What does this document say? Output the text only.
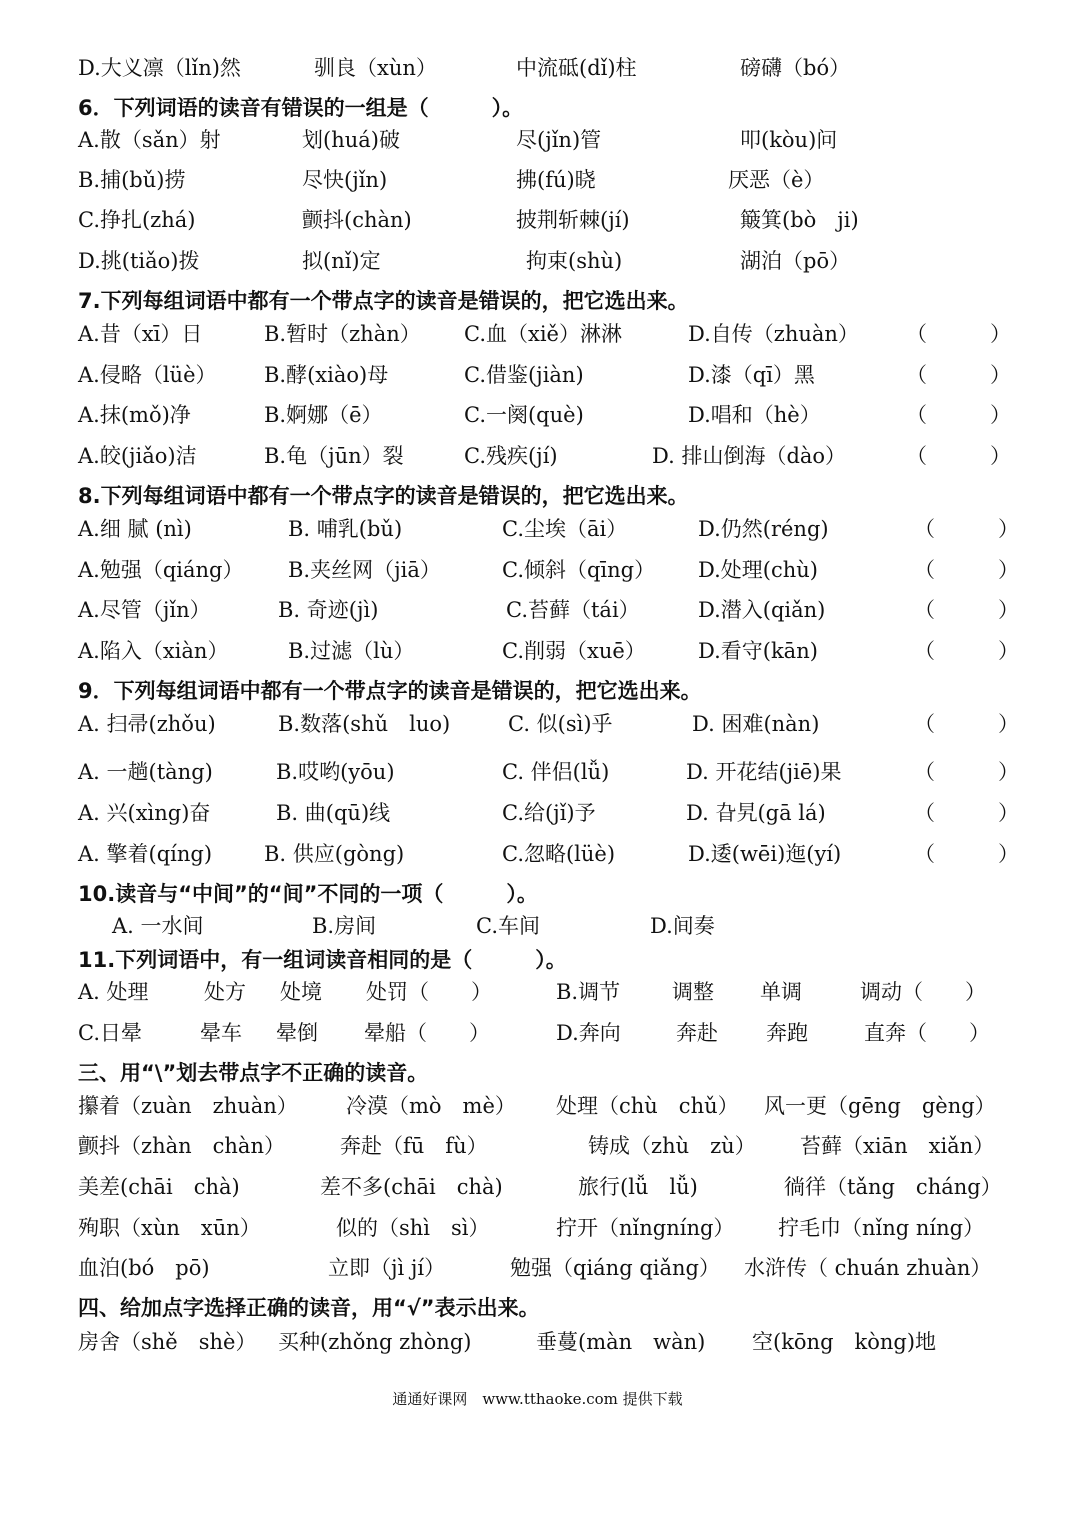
D.大义凛（lǐn)然	驯良（xùn）	中流砥(dǐ)柱	磅礴（bó）
6．下列词语的读音有错误的一组是（　　　）。
A.散（sǎn）射	划(huá)破	尽(jǐn)管	叩(kòu)问
B.捕(bǔ)捞	尽快(jǐn)	拂(fú)晓	厌恶（è）
C.挣扎(zhá)	颤抖(chàn)	披荆斩棘(jí)	簸箕(bò　ji)
D.挑(tiǎo)拨	拟(nǐ)定	拘束(shù)	湖泊（pō）
7.下列每组词语中都有一个带点字的读音是错误的，把它选出来。
A.昔（xī）日	B.暂时（zhàn） C.血（xiě）淋淋	D.自传（zhuàn） （　　　）
A.侵略（lüè） B.酵(xiào)母	C.借鉴(jiàn)	D.漆（qī）黑	（　　　）
A.抹(mǒ)净	B.婀娜（ē）	C.一阕(què)	D.唱和（hè）	（　　　）
A.皎(jiǎo)洁	B.龟（jūn）裂	C.残疾(jí)	D. 排山倒海（dào）	（　　　）
8.下列每组词语中都有一个带点字的读音是错误的，把它选出来。
A.细 腻 (nì)	B. 哺乳(bǔ)	C.尘埃（āi）	D.仍然(réng)	（　　　）
A.勉强（qiáng） B.夹丝网（jiā）	C.倾斜（qīng） D.处理(chù)	（　　　）
A.尽管（jǐn）	B. 奇迹(jì)	C.苔藓（tái）	D.潜入(qiǎn)	（　　　）
A.陷入（xiàn）	B.过滤（lù）	C.削弱（xuē） D.看守(kān)	（　　　）
9．下列每组词语中都有一个带点字的读音是错误的，把它选出来。
A. 扫帚(zhǒu)	B.数落(shǔ　luo)	C. 似(sì)乎	D. 困难(nàn)	（　　　）
A. 一趟(tàng)	B.哎哟(yōu)	C. 伴侣(lǚ)	D. 开花结(jiē)果	（　　　）
A. 兴(xìng)奋	B. 曲(qū)线	C.给(jǐ)予	D. 旮旯(gā lá)	（　　　）
A. 擎着(qíng) B. 供应(gòng)	C.忽略(lüè)	D.逶(wēi)迤(yí)	（　　　）
10.读音与“中间”的“间”不同的一项（　　　）。
A. 一水间	B.房间	C.车间	D.间奏
11.下列词语中，有一组词读音相同的是（　　　）。
A. 处理	处方 处境 处罚（　　）	B.调节 调整 单调	调动（　　）
C.日晕	晕车 晕倒 晕船（　　）	D.奔向	奔赴 奔跑	直奔（　　）
三、用“\”划去带点字不正确的读音。
攥着（zuàn　zhuàn） 冷漠（mò　mè） 处理（chù　chǔ） 风一更（gēng　gèng）
颤抖（zhàn　chàn）	奔赴（fū　fù）	铸成（zhù　zù） 苔藓（xiān　xiǎn）
美差(chāi　chà)	差不多(chāi　chà)	旅行(lǚ　lǚ)	徜徉（tǎng　cháng）
殉职（xùn　xūn）	似的（shì　sì）	拧开（nǐngníng） 拧毛巾（nǐng níng）
血泊(bó　pō)	立即（jì jí）	勉强（qiáng qiǎng） 水浒传（ chuán zhuàn）
四、给加点字选择正确的读音，用“√”表示出来。
房舍（shě　shè） 买种(zhǒng zhòng)	垂蔓(màn　wàn) 空(kōng　kòng)地
通通好课网　www.tthaoke.com 提供下载
